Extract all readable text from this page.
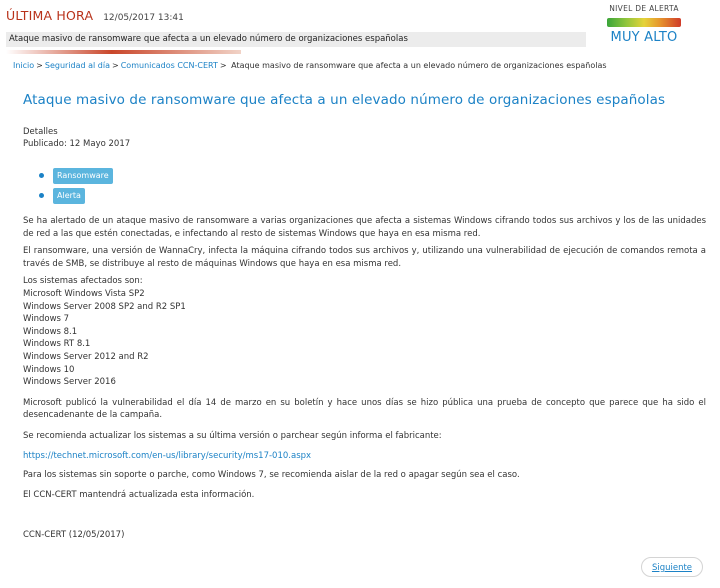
ÚLTIMA HORA 12/05/2017 13:41
Ataque masivo de ransomware que afecta a un elevado número de organizaciones españolas
NIVEL DE ALERTA
MUY ALTO
Inicio > Seguridad al día > Comunicados CCN-CERT > Ataque masivo de ransomware que afecta a un elevado número de organizaciones españolas
Ataque masivo de ransomware que afecta a un elevado número de organizaciones españolas
Detalles
Publicado: 12 Mayo 2017
Ransomware
Alerta

Se ha alertado de un ataque masivo de ransomware a varias organizaciones que afecta a sistemas Windows cifrando todos sus archivos y los de las unidades de red a las que estén conectadas, e infectando al resto de sistemas Windows que haya en esa misma red.

El ransomware, una versión de WannaCry, infecta la máquina cifrando todos sus archivos y, utilizando una vulnerabilidad de ejecución de comandos remota a través de SMB, se distribuye al resto de máquinas Windows que haya en esa misma red.

Los sistemas afectados son:
Microsoft Windows Vista SP2
Windows Server 2008 SP2 and R2 SP1
Windows 7
Windows 8.1
Windows RT 8.1
Windows Server 2012 and R2
Windows 10
Windows Server 2016

Microsoft publicó la vulnerabilidad el día 14 de marzo en su boletín y hace unos días se hizo pública una prueba de concepto que parece que ha sido el desencadenante de la campaña.

Se recomienda actualizar los sistemas a su última versión o parchear según informa el fabricante:

https://technet.microsoft.com/en-us/library/security/ms17-010.aspx

Para los sistemas sin soporte o parche, como Windows 7, se recomienda aislar de la red o apagar según sea el caso.

El CCN-CERT mantendrá actualizada esta información.

CCN-CERT (12/05/2017)
Siguiente
